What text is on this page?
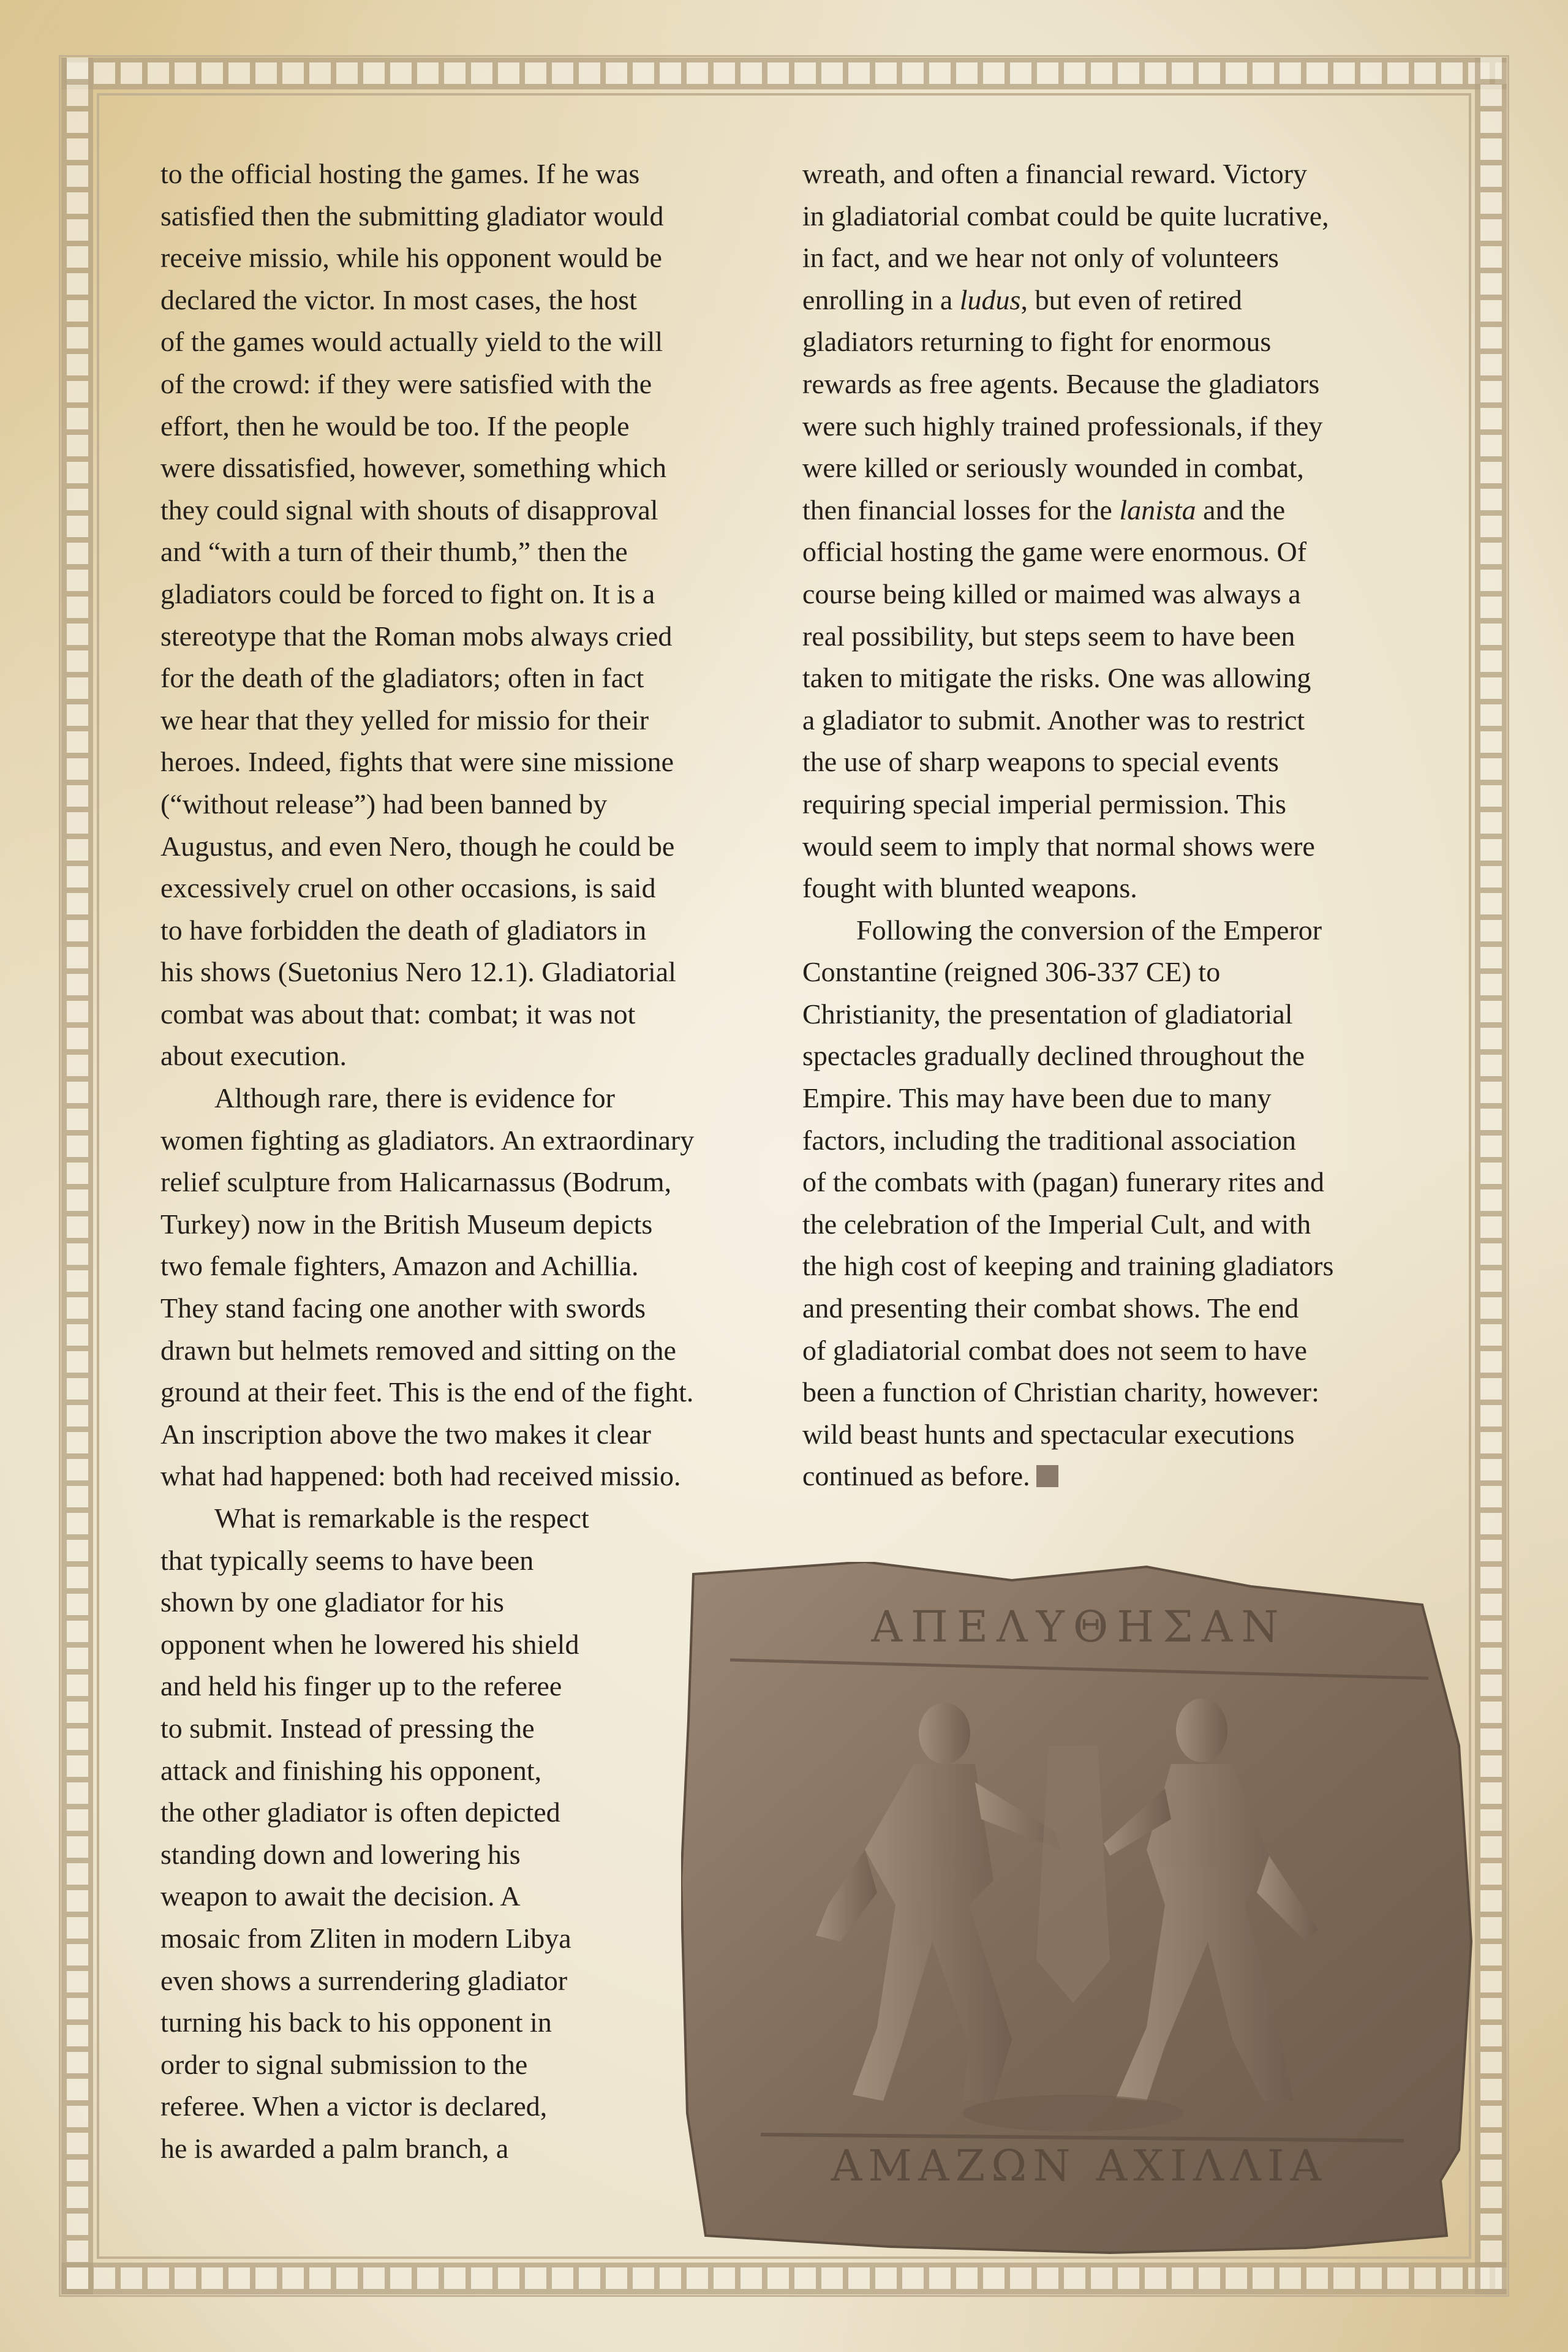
to the official hosting the games. If he was
satisfied then the submitting gladiator would
receive missio, while his opponent would be
declared the victor. In most cases, the host
of the games would actually yield to the will
of the crowd: if they were satisfied with the
effort, then he would be too. If the people
were dissatisfied, however, something which
they could signal with shouts of disapproval
and “with a turn of their thumb,” then the
gladiators could be forced to fight on. It is a
stereotype that the Roman mobs always cried
for the death of the gladiators; often in fact
we hear that they yelled for missio for their
heroes. Indeed, fights that were sine missione
(“without release”) had been banned by
Augustus, and even Nero, though he could be
excessively cruel on other occasions, is said
to have forbidden the death of gladiators in
his shows (Suetonius Nero 12.1). Gladiatorial
combat was about that: combat; it was not
about execution.

Although rare, there is evidence for
women fighting as gladiators. An extraordinary
relief sculpture from Halicarnassus (Bodrum,
Turkey) now in the British Museum depicts
two female fighters, Amazon and Achillia.
They stand facing one another with swords
drawn but helmets removed and sitting on the
ground at their feet. This is the end of the fight.
An inscription above the two makes it clear
what had happened: both had received missio.

What is remarkable is the respect
that typically seems to have been
shown by one gladiator for his
opponent when he lowered his shield
and held his finger up to the referee
to submit. Instead of pressing the
attack and finishing his opponent,
the other gladiator is often depicted
standing down and lowering his
weapon to await the decision. A
mosaic from Zliten in modern Libya
even shows a surrendering gladiator
turning his back to his opponent in
order to signal submission to the
referee. When a victor is declared,
he is awarded a palm branch, a

wreath, and often a financial reward. Victory
in gladiatorial combat could be quite lucrative,
in fact, and we hear not only of volunteers
enrolling in a ludus, but even of retired
gladiators returning to fight for enormous
rewards as free agents. Because the gladiators
were such highly trained professionals, if they
were killed or seriously wounded in combat,
then financial losses for the lanista and the
official hosting the game were enormous. Of
course being killed or maimed was always a
real possibility, but steps seem to have been
taken to mitigate the risks. One was allowing
a gladiator to submit. Another was to restrict
the use of sharp weapons to special events
requiring special imperial permission. This
would seem to imply that normal shows were
fought with blunted weapons.

Following the conversion of the Emperor
Constantine (reigned 306-337 CE) to
Christianity, the presentation of gladiatorial
spectacles gradually declined throughout the
Empire. This may have been due to many
factors, including the traditional association
of the combats with (pagan) funerary rites and
the celebration of the Imperial Cult, and with
the high cost of keeping and training gladiators
and presenting their combat shows. The end
of gladiatorial combat does not seem to have
been a function of Christian charity, however:
wild beast hunts and spectacular executions
continued as before.

ΑΠΕΛΥΘΗΣΑΝ
ΑΜΑΖΩΝ ΑΧΙΛΛΙΑ
